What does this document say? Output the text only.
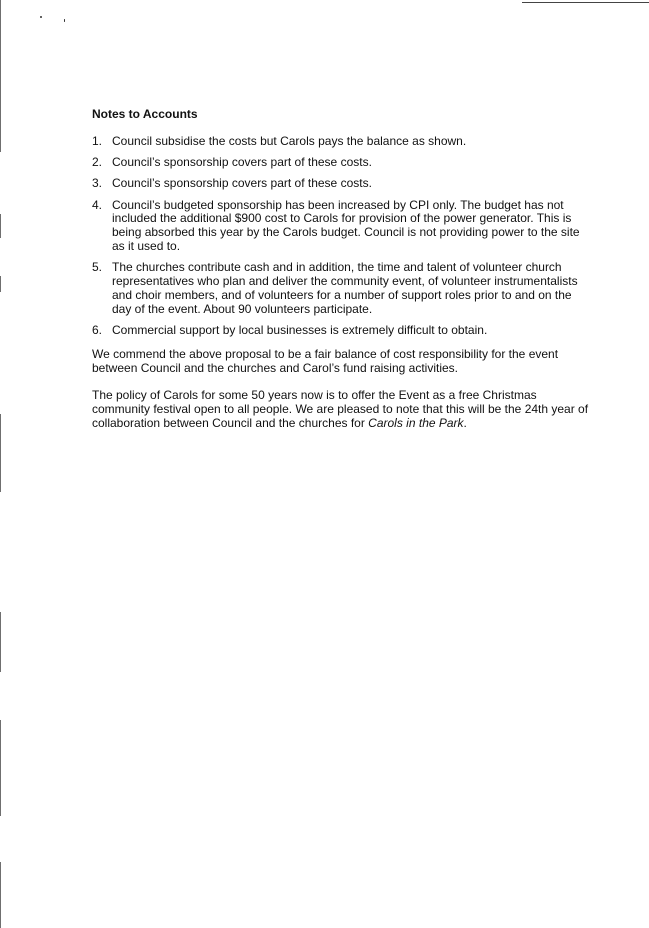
Notes to Accounts
1. Council subsidise the costs but Carols pays the balance as shown.
2. Council’s sponsorship covers part of these costs.
3. Council’s sponsorship covers part of these costs.
4. Council’s budgeted sponsorship has been increased by CPI only. The budget has not included the additional $900 cost to Carols for provision of the power generator. This is being absorbed this year by the Carols budget. Council is not providing power to the site as it used to.
5. The churches contribute cash and in addition, the time and talent of volunteer church representatives who plan and deliver the community event, of volunteer instrumentalists and choir members, and of volunteers for a number of support roles prior to and on the day of the event. About 90 volunteers participate.
6. Commercial support by local businesses is extremely difficult to obtain.

We commend the above proposal to be a fair balance of cost responsibility for the event between Council and the churches and Carol’s fund raising activities.

The policy of Carols for some 50 years now is to offer the Event as a free Christmas community festival open to all people. We are pleased to note that this will be the 24th year of collaboration between Council and the churches for Carols in the Park.
